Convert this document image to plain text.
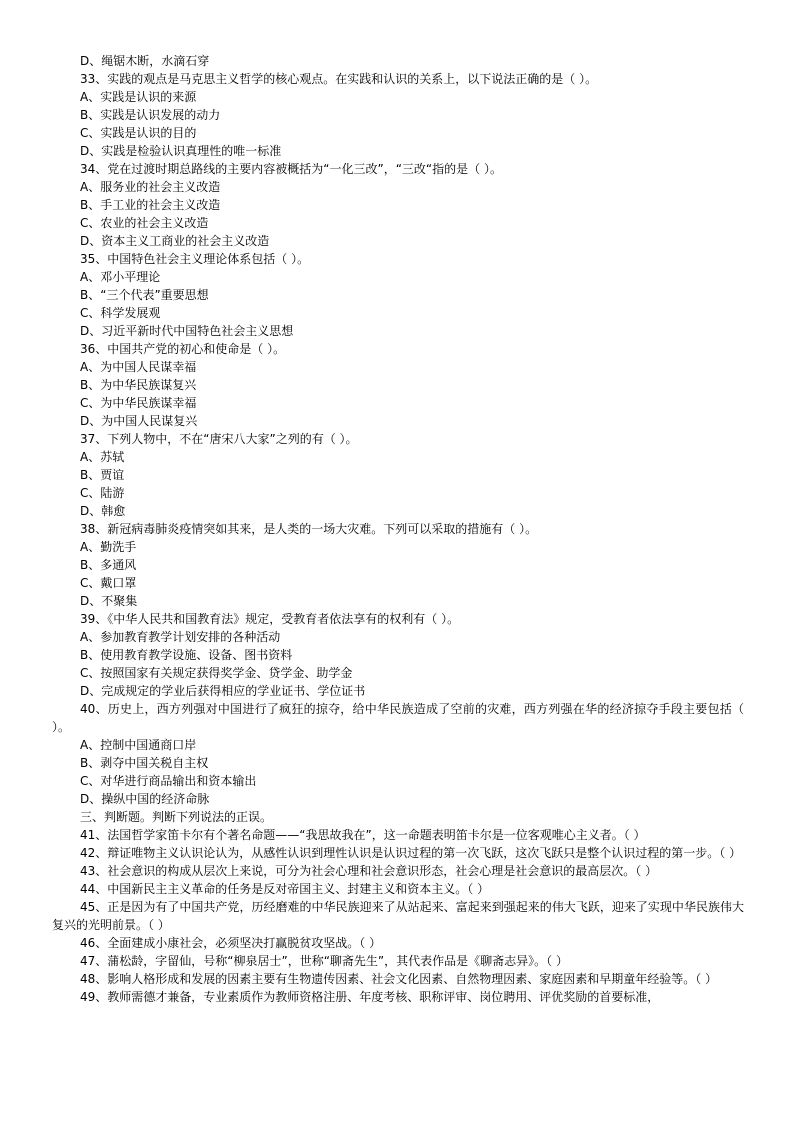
D、绳锯木断，水滴石穿
33、实践的观点是马克思主义哲学的核心观点。在实践和认识的关系上，以下说法正确的是（ ）。
A、实践是认识的来源
B、实践是认识发展的动力
C、实践是认识的目的
D、实践是检验认识真理性的唯一标准
34、党在过渡时期总路线的主要内容被概括为“一化三改”，“三改“指的是（ ）。
A、服务业的社会主义改造
B、手工业的社会主义改造
C、农业的社会主义改造
D、资本主义工商业的社会主义改造
35、中国特色社会主义理论体系包括（ ）。
A、邓小平理论
B、“三个代表”重要思想
C、科学发展观
D、习近平新时代中国特色社会主义思想
36、中国共产党的初心和使命是（ ）。
A、为中国人民谋幸福
B、为中华民族谋复兴
C、为中华民族谋幸福
D、为中国人民谋复兴
37、下列人物中，不在“唐宋八大家”之列的有（ ）。
A、苏轼
B、贾谊
C、陆游
D、韩愈
38、新冠病毒肺炎疫情突如其来，是人类的一场大灾难。下列可以采取的措施有（ ）。
A、勤洗手
B、多通风
C、戴口罩
D、不聚集
39、《中华人民共和国教育法》规定，受教育者依法享有的权利有（ ）。
A、参加教育教学计划安排的各种活动
B、使用教育教学设施、设备、图书资料
C、按照国家有关规定获得奖学金、贷学金、助学金
D、完成规定的学业后获得相应的学业证书、学位证书
40、历史上，西方列强对中国进行了疯狂的掠夺，给中华民族造成了空前的灾难，西方列强在华的经济掠夺手段主要包括（ ）。
A、控制中国通商口岸
B、剥夺中国关税自主权
C、对华进行商品输出和资本输出
D、操纵中国的经济命脉
三、判断题。判断下列说法的正误。
41、法国哲学家笛卡尔有个著名命题——“我思故我在”，这一命题表明笛卡尔是一位客观唯心主义者。（ ）
42、辩证唯物主义认识论认为，从感性认识到理性认识是认识过程的第一次飞跃，这次飞跃只是整个认识过程的第一步。（ ）
43、社会意识的构成从层次上来说，可分为社会心理和社会意识形态，社会心理是社会意识的最高层次。（ ）
44、中国新民主主义革命的任务是反对帝国主义、封建主义和资本主义。（ ）
45、正是因为有了中国共产党，历经磨难的中华民族迎来了从站起来、富起来到强起来的伟大飞跃，迎来了实现中华民族伟大复兴的光明前景。（ ）
46、全面建成小康社会，必须坚决打赢脱贫攻坚战。（ ）
47、蒲松龄，字留仙，号称“柳泉居士”，世称“聊斋先生”，其代表作品是《聊斋志异》。（ ）
48、影响人格形成和发展的因素主要有生物遗传因素、社会文化因素、自然物理因素、家庭因素和早期童年经验等。（ ）
49、教师需德才兼备，专业素质作为教师资格注册、年度考核、职称评审、岗位聘用、评优奖励的首要标准，
